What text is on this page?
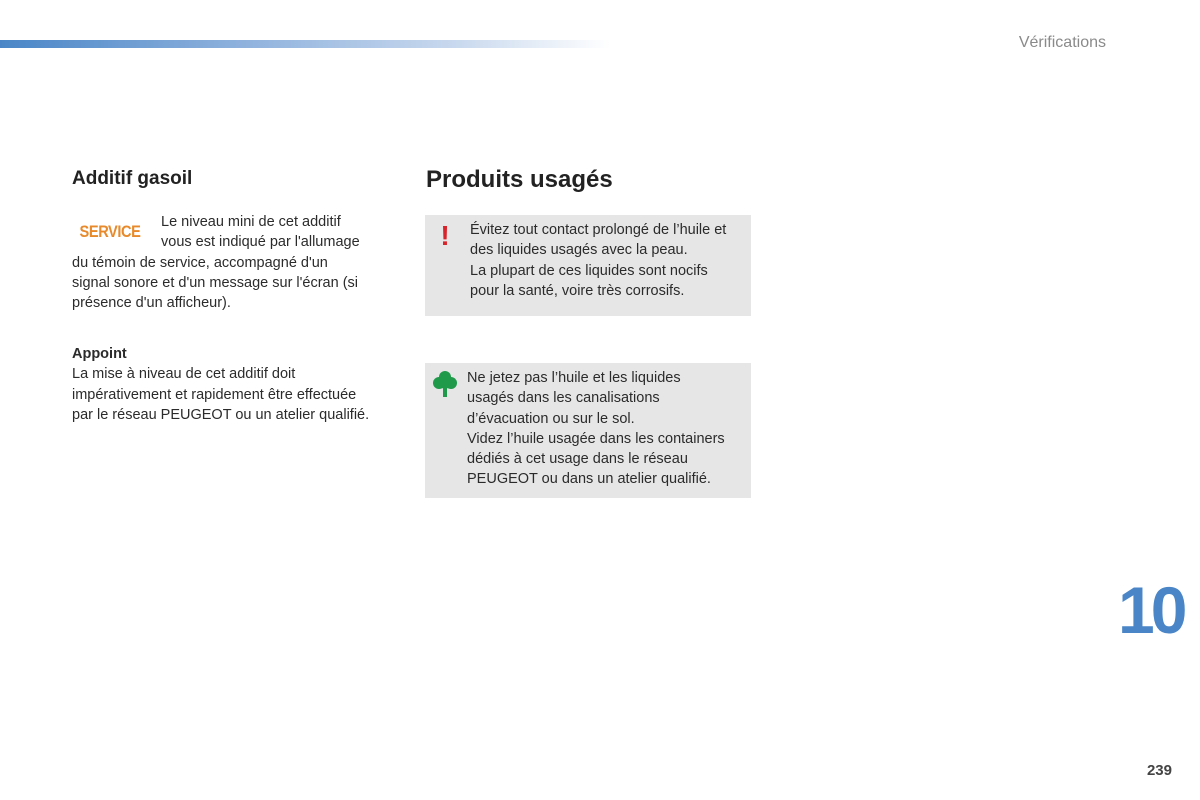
Vérifications
Additif gasoil
SERVICE Le niveau mini de cet additif
vous est indiqué par l'allumage
du témoin de service, accompagné d'un
signal sonore et d'un message sur l'écran (si
présence d'un afficheur).
Appoint
La mise à niveau de cet additif doit
impérativement et rapidement être effectuée
par le réseau PEUGEOT ou un atelier qualifié.
Produits usagés
! Évitez tout contact prolongé de l’huile et
des liquides usagés avec la peau.
La plupart de ces liquides sont nocifs
pour la santé, voire très corrosifs.
Ne jetez pas l’huile et les liquides
usagés dans les canalisations
d’évacuation ou sur le sol.
Videz l’huile usagée dans les containers
dédiés à cet usage dans le réseau
PEUGEOT ou dans un atelier qualifié.
10
239
